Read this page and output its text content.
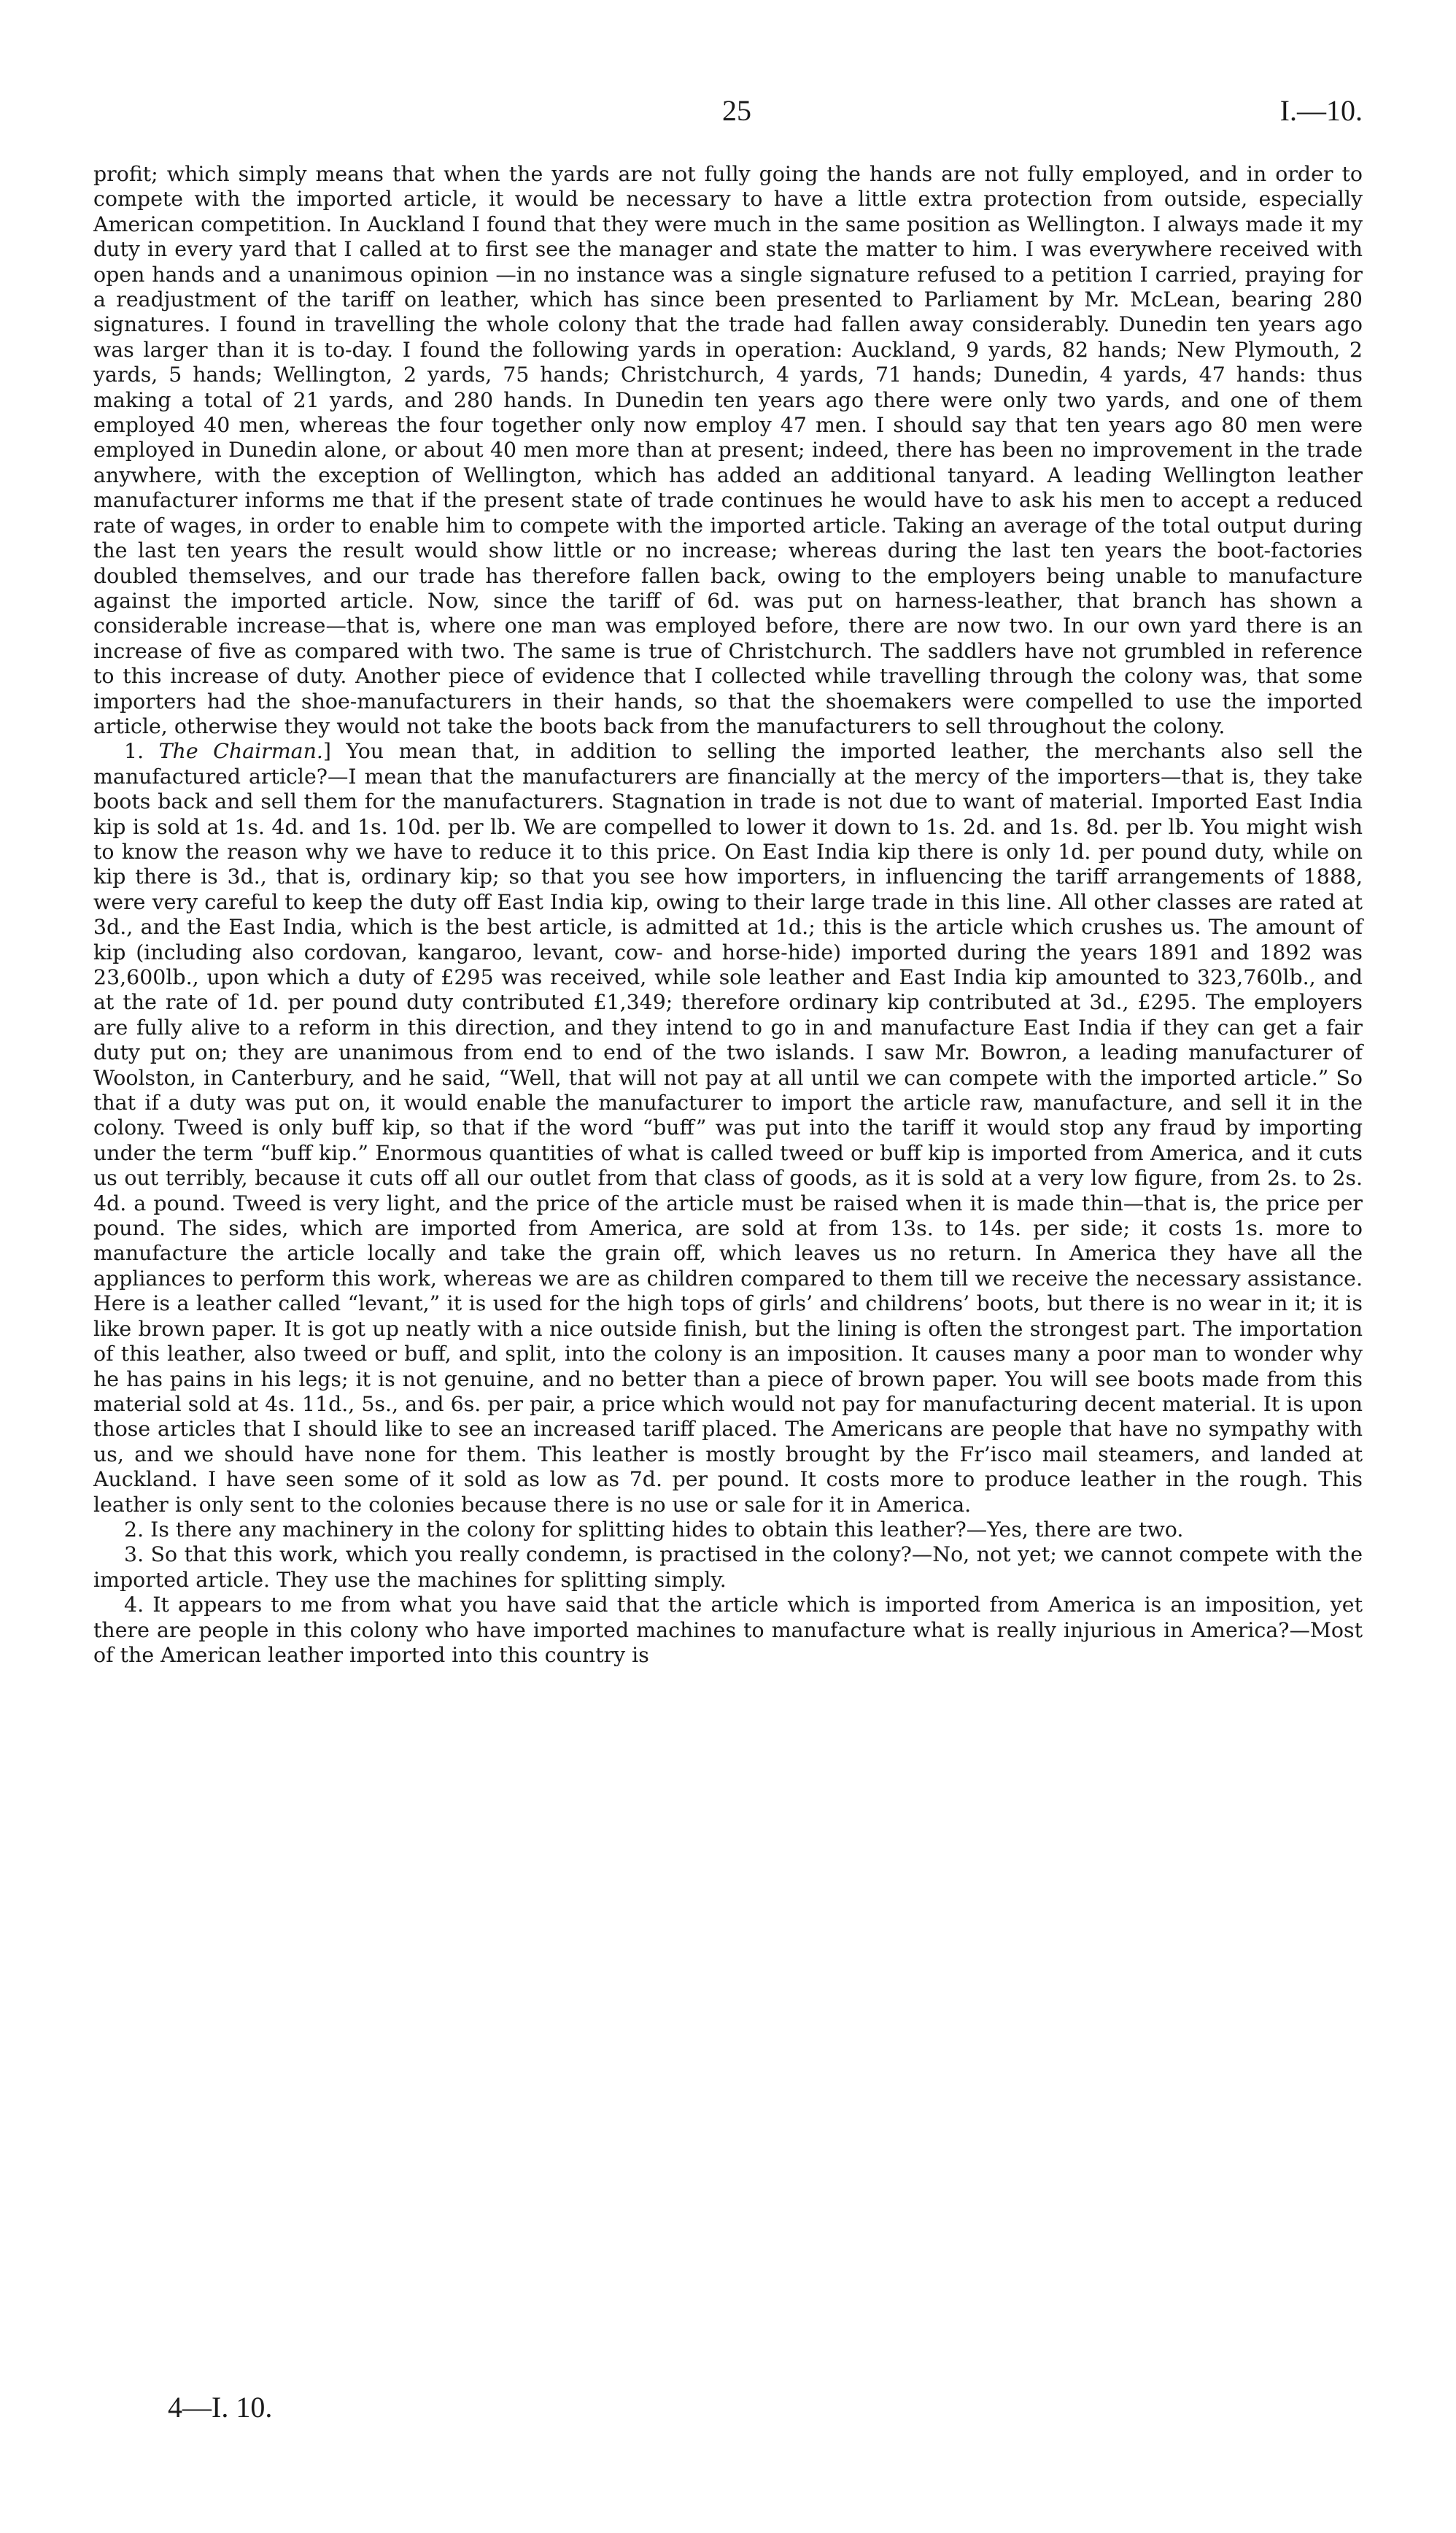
25	I.—10.

profit; which simply means that when the yards are not fully going the hands are not fully employed, and in order to compete with the imported article, it would be necessary to have a little extra protection from outside, especially American competition. In Auckland I found that they were much in the same position as Wellington. I always made it my duty in every yard that I called at to first see the manager and state the matter to him. I was everywhere received with open hands and a unanimous opinion —in no instance was a single signature refused to a petition I carried, praying for a readjustment of the tariff on leather, which has since been presented to Parliament by Mr. McLean, bearing 280 signatures. I found in travelling the whole colony that the trade had fallen away considerably. Dunedin ten years ago was larger than it is to-day. I found the following yards in operation: Auckland, 9 yards, 82 hands; New Plymouth, 2 yards, 5 hands; Wellington, 2 yards, 75 hands; Christchurch, 4 yards, 71 hands; Dunedin, 4 yards, 47 hands: thus making a total of 21 yards, and 280 hands. In Dunedin ten years ago there were only two yards, and one of them employed 40 men, whereas the four together only now employ 47 men. I should say that ten years ago 80 men were employed in Dunedin alone, or about 40 men more than at present; indeed, there has been no improvement in the trade anywhere, with the exception of Wellington, which has added an additional tanyard. A leading Wellington leather manufacturer informs me that if the present state of trade continues he would have to ask his men to accept a reduced rate of wages, in order to enable him to compete with the imported article. Taking an average of the total output during the last ten years the result would show little or no increase; whereas during the last ten years the boot-factories doubled themselves, and our trade has therefore fallen back, owing to the employers being unable to manufacture against the imported article. Now, since the tariff of 6d. was put on harness-leather, that branch has shown a considerable increase—that is, where one man was employed before, there are now two. In our own yard there is an increase of five as compared with two. The same is true of Christchurch. The saddlers have not grumbled in reference to this increase of duty. Another piece of evidence that I collected while travelling through the colony was, that some importers had the shoe-manufacturers in their hands, so that the shoemakers were compelled to use the imported article, otherwise they would not take the boots back from the manufacturers to sell throughout the colony.

1. The Chairman.] You mean that, in addition to selling the imported leather, the merchants also sell the manufactured article?—I mean that the manufacturers are financially at the mercy of the importers—that is, they take boots back and sell them for the manufacturers. Stagnation in trade is not due to want of material. Imported East India kip is sold at 1s. 4d. and 1s. 10d. per lb. We are compelled to lower it down to 1s. 2d. and 1s. 8d. per lb. You might wish to know the reason why we have to reduce it to this price. On East India kip there is only 1d. per pound duty, while on kip there is 3d., that is, ordinary kip; so that you see how importers, in influencing the tariff arrangements of 1888, were very careful to keep the duty off East India kip, owing to their large trade in this line. All other classes are rated at 3d., and the East India, which is the best article, is admitted at 1d.; this is the article which crushes us. The amount of kip (including also cordovan, kangaroo, levant, cow- and horse-hide) imported during the years 1891 and 1892 was 23,600lb., upon which a duty of £295 was received, while sole leather and East India kip amounted to 323,760lb., and at the rate of 1d. per pound duty contributed £1,349; therefore ordinary kip contributed at 3d., £295. The employers are fully alive to a reform in this direction, and they intend to go in and manufacture East India if they can get a fair duty put on; they are unanimous from end to end of the two islands. I saw Mr. Bowron, a leading manufacturer of Woolston, in Canterbury, and he said, “Well, that will not pay at all until we can compete with the imported article.” So that if a duty was put on, it would enable the manufacturer to import the article raw, manufacture, and sell it in the colony. Tweed is only buff kip, so that if the word “buff” was put into the tariff it would stop any fraud by importing under the term “buff kip.” Enormous quantities of what is called tweed or buff kip is imported from America, and it cuts us out terribly, because it cuts off all our outlet from that class of goods, as it is sold at a very low figure, from 2s. to 2s. 4d. a pound. Tweed is very light, and the price of the article must be raised when it is made thin—that is, the price per pound. The sides, which are imported from America, are sold at from 13s. to 14s. per side; it costs 1s. more to manufacture the article locally and take the grain off, which leaves us no return. In America they have all the appliances to perform this work, whereas we are as children compared to them till we receive the necessary assistance. Here is a leather called “levant,” it is used for the high tops of girls’ and childrens’ boots, but there is no wear in it; it is like brown paper. It is got up neatly with a nice outside finish, but the lining is often the strongest part. The importation of this leather, also tweed or buff, and split, into the colony is an imposition. It causes many a poor man to wonder why he has pains in his legs; it is not genuine, and no better than a piece of brown paper. You will see boots made from this material sold at 4s. 11d., 5s., and 6s. per pair, a price which would not pay for manufacturing decent material. It is upon those articles that I should like to see an increased tariff placed. The Americans are people that have no sympathy with us, and we should have none for them. This leather is mostly brought by the Fr’isco mail steamers, and landed at Auckland. I have seen some of it sold as low as 7d. per pound. It costs more to produce leather in the rough. This leather is only sent to the colonies because there is no use or sale for it in America.

2. Is there any machinery in the colony for splitting hides to obtain this leather?—Yes, there are two.

3. So that this work, which you really condemn, is practised in the colony?—No, not yet; we cannot compete with the imported article. They use the machines for splitting simply.

4. It appears to me from what you have said that the article which is imported from America is an imposition, yet there are people in this colony who have imported machines to manufacture what is really injurious in America?—Most of the American leather imported into this country is

4—I. 10.
